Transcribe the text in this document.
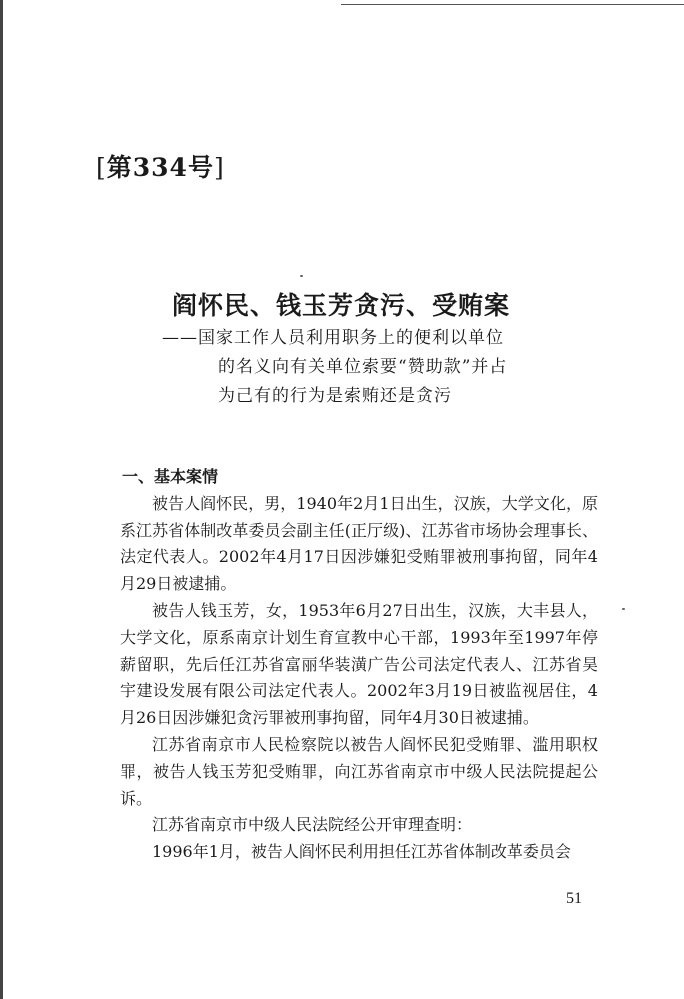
[第334号]
阎怀民、钱玉芳贪污、受贿案
——国家工作人员利用职务上的便利以单位
的名义向有关单位索要“赞助款”并占
为己有的行为是索贿还是贪污
一、基本案情

被告人阎怀民，男，1940年2月1日出生，汉族，大学文化，原系江苏省体制改革委员会副主任(正厅级)、江苏省市场协会理事长、法定代表人。2002年4月17日因涉嫌犯受贿罪被刑事拘留，同年4月29日被逮捕。

被告人钱玉芳，女，1953年6月27日出生，汉族，大丰县人，大学文化，原系南京计划生育宣教中心干部，1993年至1997年停薪留职，先后任江苏省富丽华装潢广告公司法定代表人、江苏省昊宇建设发展有限公司法定代表人。2002年3月19日被监视居住，4月26日因涉嫌犯贪污罪被刑事拘留，同年4月30日被逮捕。

江苏省南京市人民检察院以被告人阎怀民犯受贿罪、滥用职权罪，被告人钱玉芳犯受贿罪，向江苏省南京市中级人民法院提起公诉。

江苏省南京市中级人民法院经公开审理查明：

1996年1月，被告人阎怀民利用担任江苏省体制改革委员会

51
